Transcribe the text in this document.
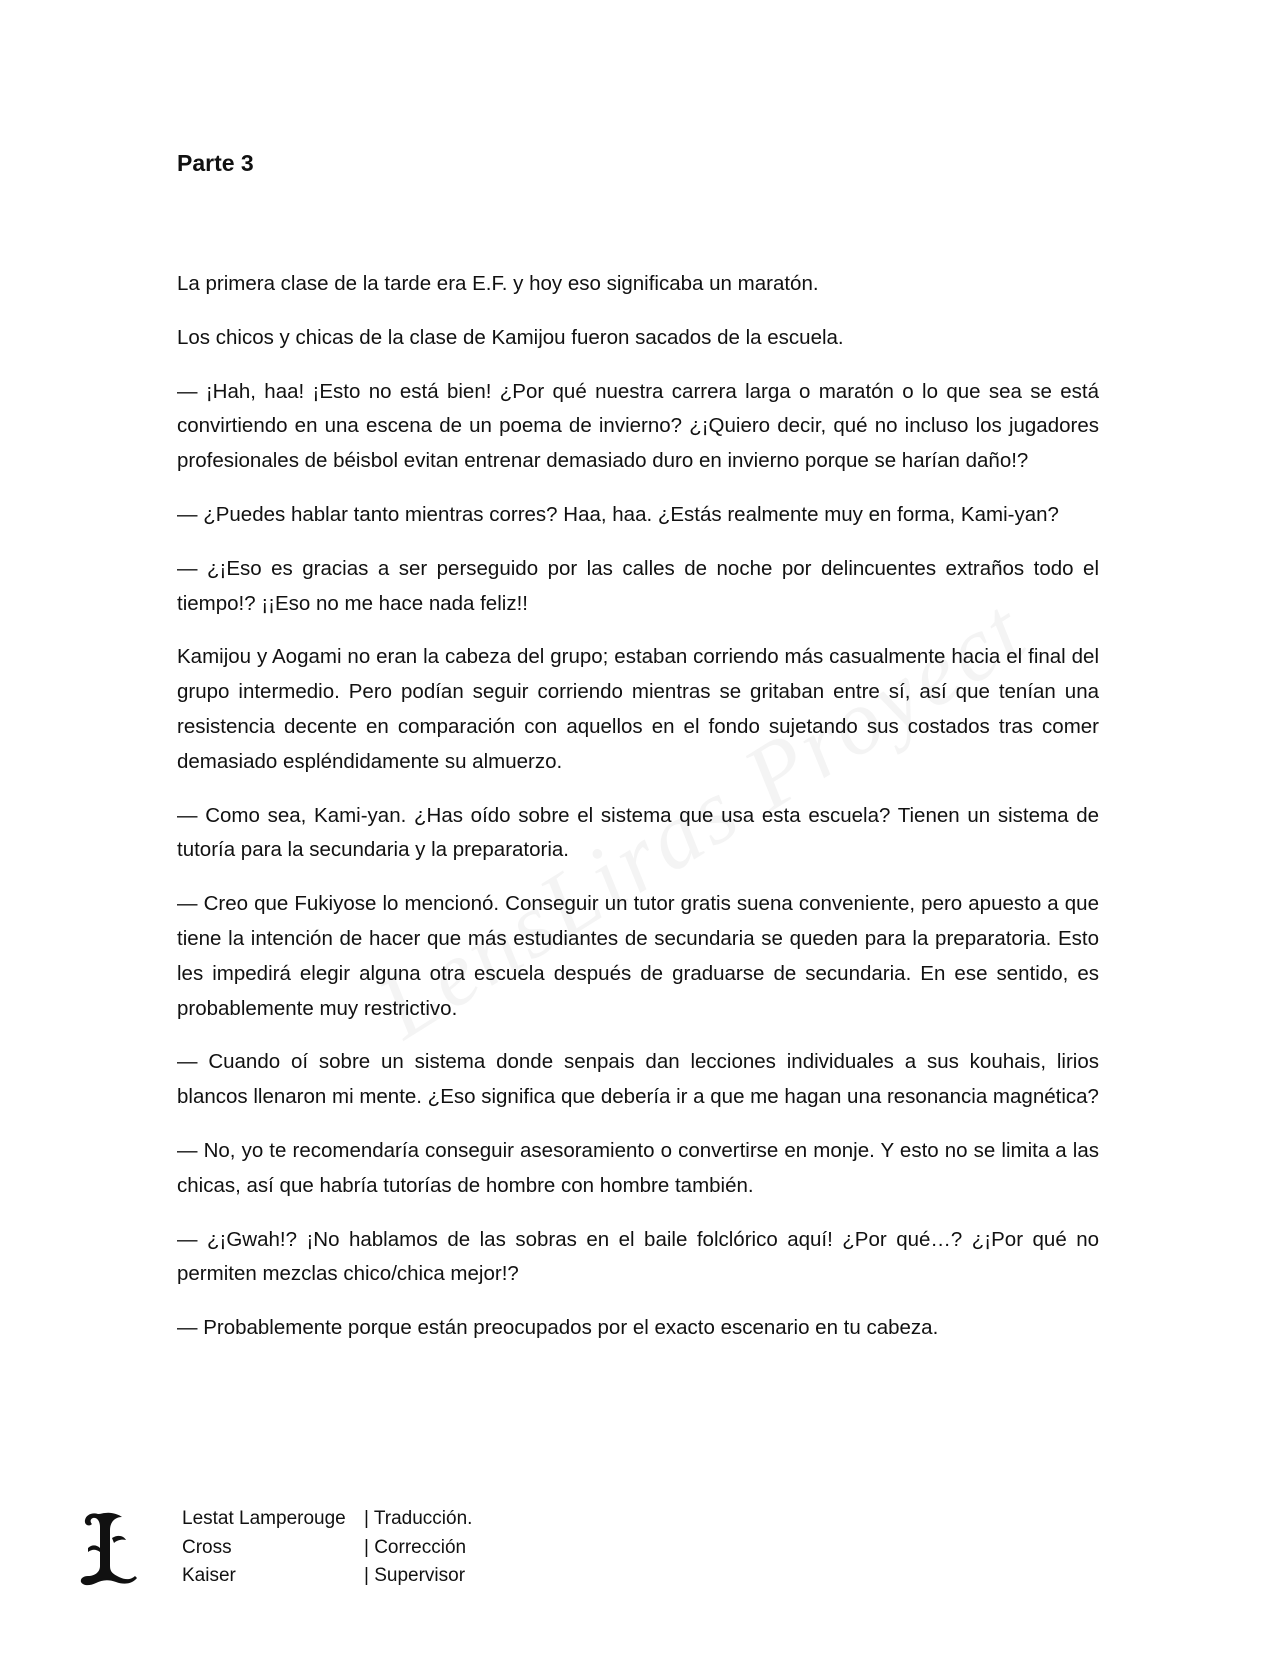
Parte 3

La primera clase de la tarde era E.F. y hoy eso significaba un maratón.

Los chicos y chicas de la clase de Kamijou fueron sacados de la escuela.

— ¡Hah, haa! ¡Esto no está bien! ¿Por qué nuestra carrera larga o maratón o lo que sea se está convirtiendo en una escena de un poema de invierno? ¿¡Quiero decir, qué no incluso los jugadores profesionales de béisbol evitan entrenar demasiado duro en invierno porque se harían daño!?

— ¿Puedes hablar tanto mientras corres? Haa, haa. ¿Estás realmente muy en forma, Kami-yan?

— ¿¡Eso es gracias a ser perseguido por las calles de noche por delincuentes extraños todo el tiempo!? ¡¡Eso no me hace nada feliz!!

Kamijou y Aogami no eran la cabeza del grupo; estaban corriendo más casualmente hacia el final del grupo intermedio. Pero podían seguir corriendo mientras se gritaban entre sí, así que tenían una resistencia decente en comparación con aquellos en el fondo sujetando sus costados tras comer demasiado espléndidamente su almuerzo.

— Como sea, Kami-yan. ¿Has oído sobre el sistema que usa esta escuela? Tienen un sistema de tutoría para la secundaria y la preparatoria.

— Creo que Fukiyose lo mencionó. Conseguir un tutor gratis suena conveniente, pero apuesto a que tiene la intención de hacer que más estudiantes de secundaria se queden para la preparatoria. Esto les impedirá elegir alguna otra escuela después de graduarse de secundaria. En ese sentido, es probablemente muy restrictivo.

— Cuando oí sobre un sistema donde senpais dan lecciones individuales a sus kouhais, lirios blancos llenaron mi mente. ¿Eso significa que debería ir a que me hagan una resonancia magnética?

— No, yo te recomendaría conseguir asesoramiento o convertirse en monje. Y esto no se limita a las chicas, así que habría tutorías de hombre con hombre también.

— ¿¡Gwah!? ¡No hablamos de las sobras en el baile folclórico aquí! ¿Por qué…? ¿¡Por qué no permiten mezclas chico/chica mejor!?

— Probablemente porque están preocupados por el exacto escenario en tu cabeza.

Lestat Lamperouge | Traducción.
Cross	| Corrección
Kaiser	| Supervisor
